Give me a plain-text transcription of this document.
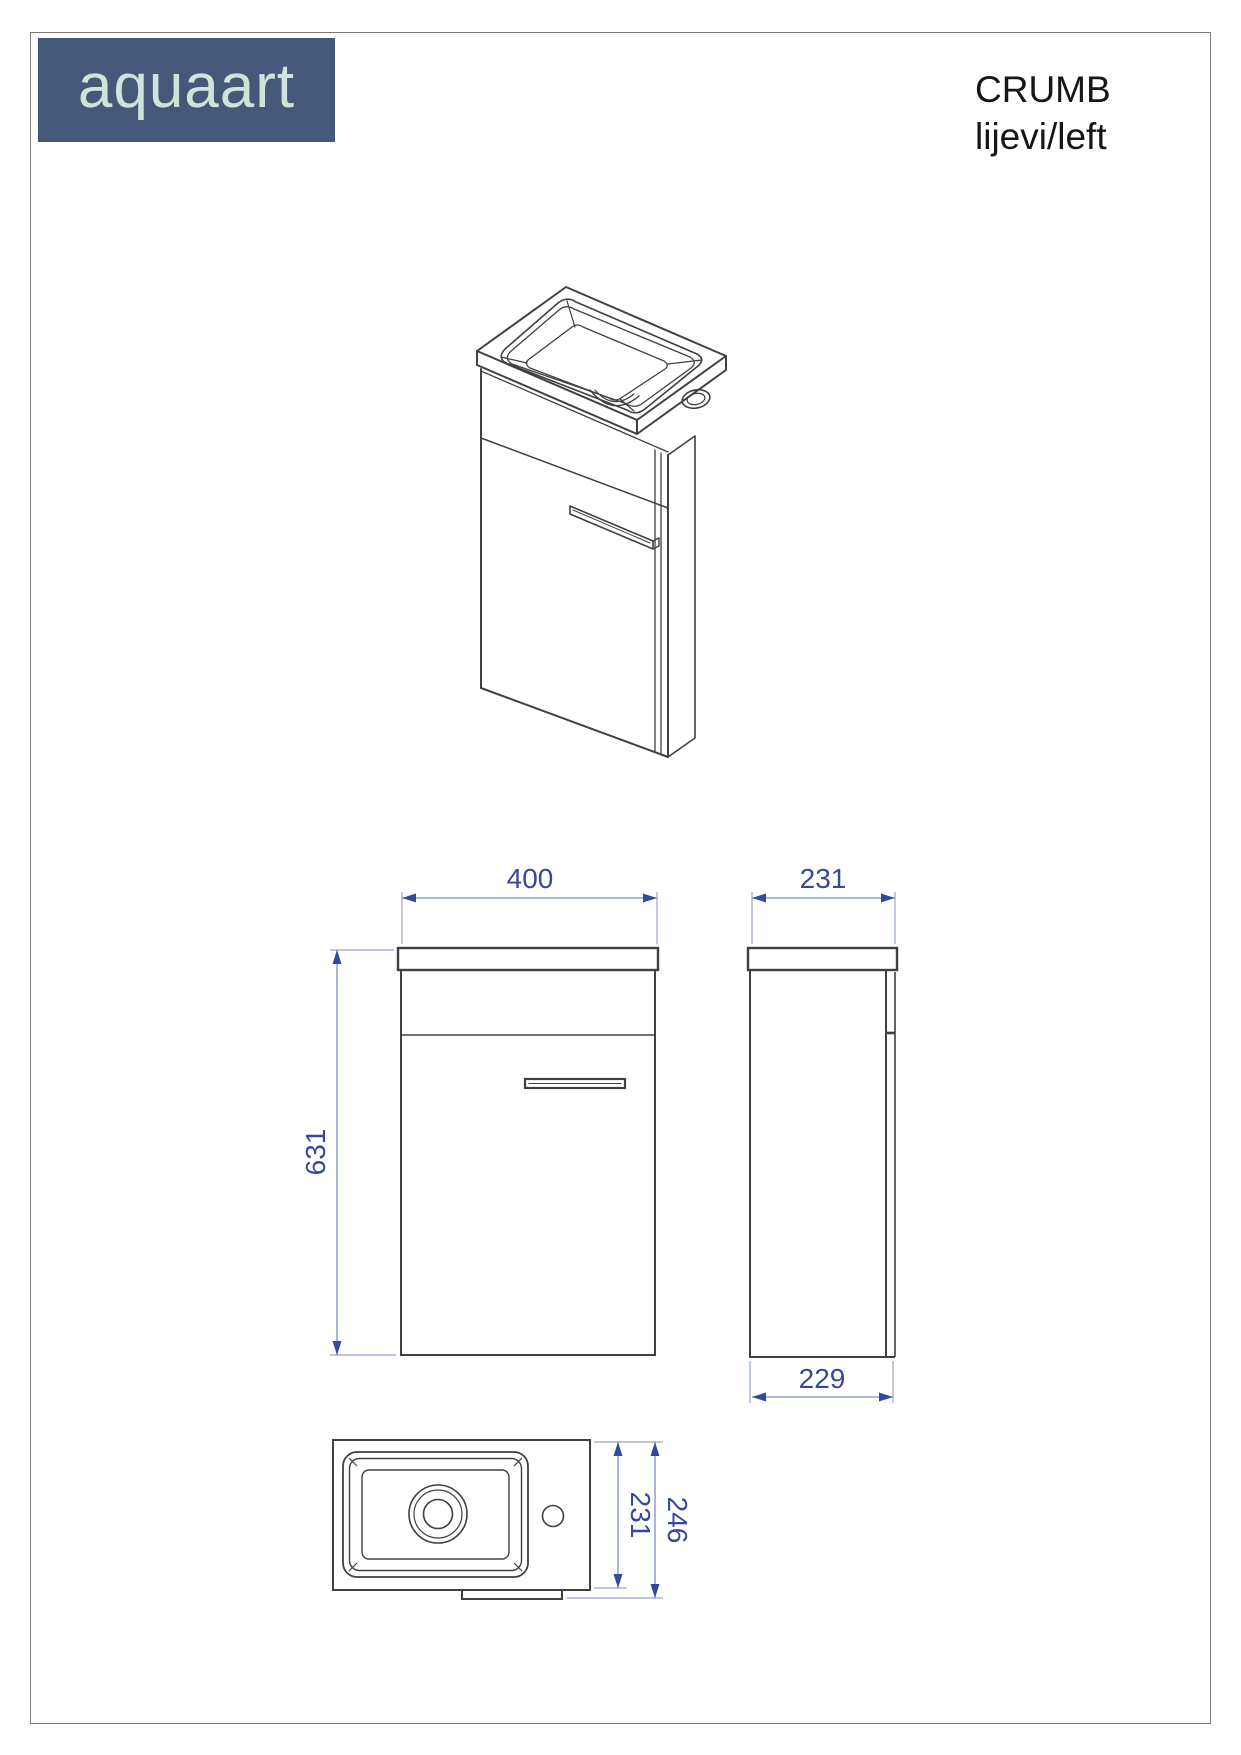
aquaart	CRUMB
lijevi/left
400
631
231
229
231 246
